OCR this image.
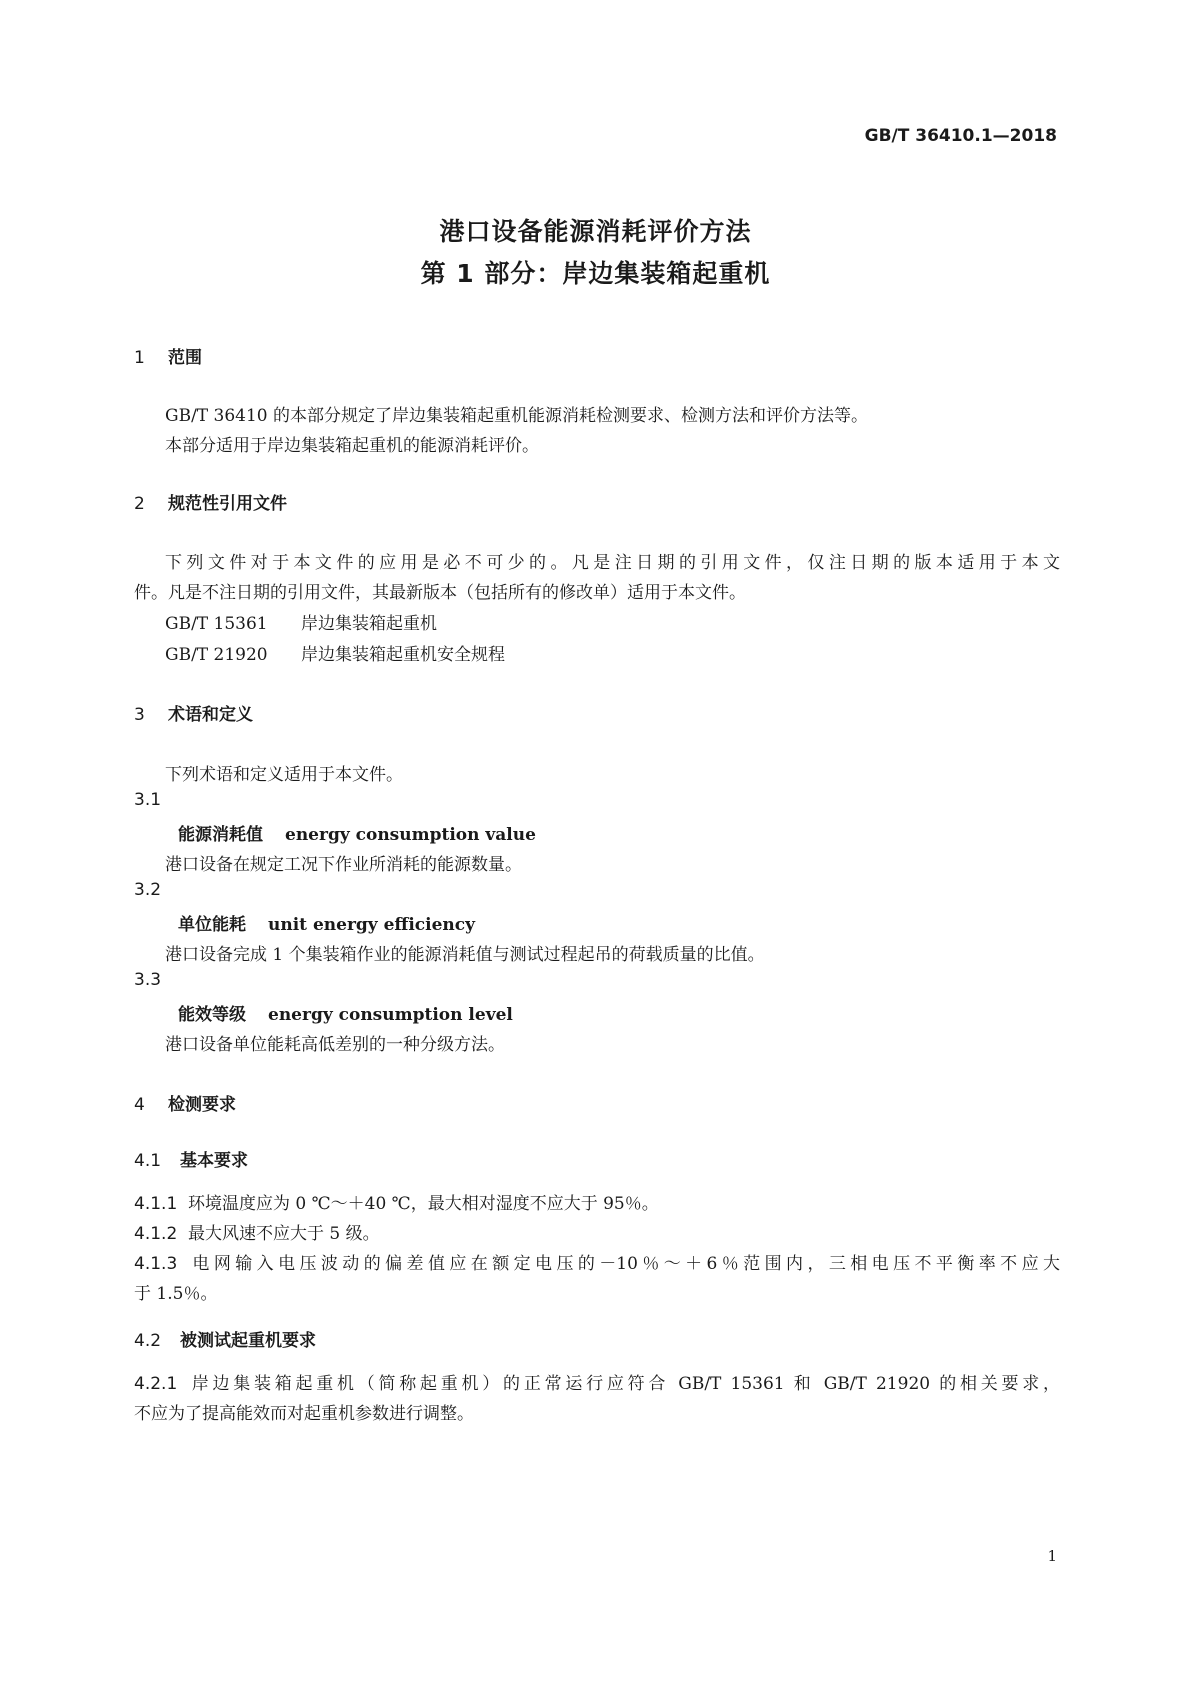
GB/T 36410.1—2018
港口设备能源消耗评价方法
第 1 部分：岸边集装箱起重机
1 范围
GB/T 36410 的本部分规定了岸边集装箱起重机能源消耗检测要求、检测方法和评价方法等。
本部分适用于岸边集装箱起重机的能源消耗评价。
2 规范性引用文件
下列文件对于本文件的应用是必不可少的。凡是注日期的引用文件，仅注日期的版本适用于本文
件。凡是不注日期的引用文件，其最新版本（包括所有的修改单）适用于本文件。
GB/T 15361 岸边集装箱起重机
GB/T 21920 岸边集装箱起重机安全规程
3 术语和定义
下列术语和定义适用于本文件。
3.1
能源消耗值 energy consumption value
港口设备在规定工况下作业所消耗的能源数量。
3.2
单位能耗 unit energy efficiency
港口设备完成 1 个集装箱作业的能源消耗值与测试过程起吊的荷载质量的比值。
3.3
能效等级 energy consumption level
港口设备单位能耗高低差别的一种分级方法。
4 检测要求
4.1 基本要求
4.1.1 环境温度应为 0 ℃～＋40 ℃，最大相对湿度不应大于 95％。
4.1.2 最大风速不应大于 5 级。
4.1.3 电网输入电压波动的偏差值应在额定电压的－10％～＋6％范围内，三相电压不平衡率不应大
于 1.5％。
4.2 被测试起重机要求
4.2.1 岸边集装箱起重机（简称起重机）的正常运行应符合 GB/T 15361 和 GB/T 21920 的相关要求，
不应为了提高能效而对起重机参数进行调整。
1
